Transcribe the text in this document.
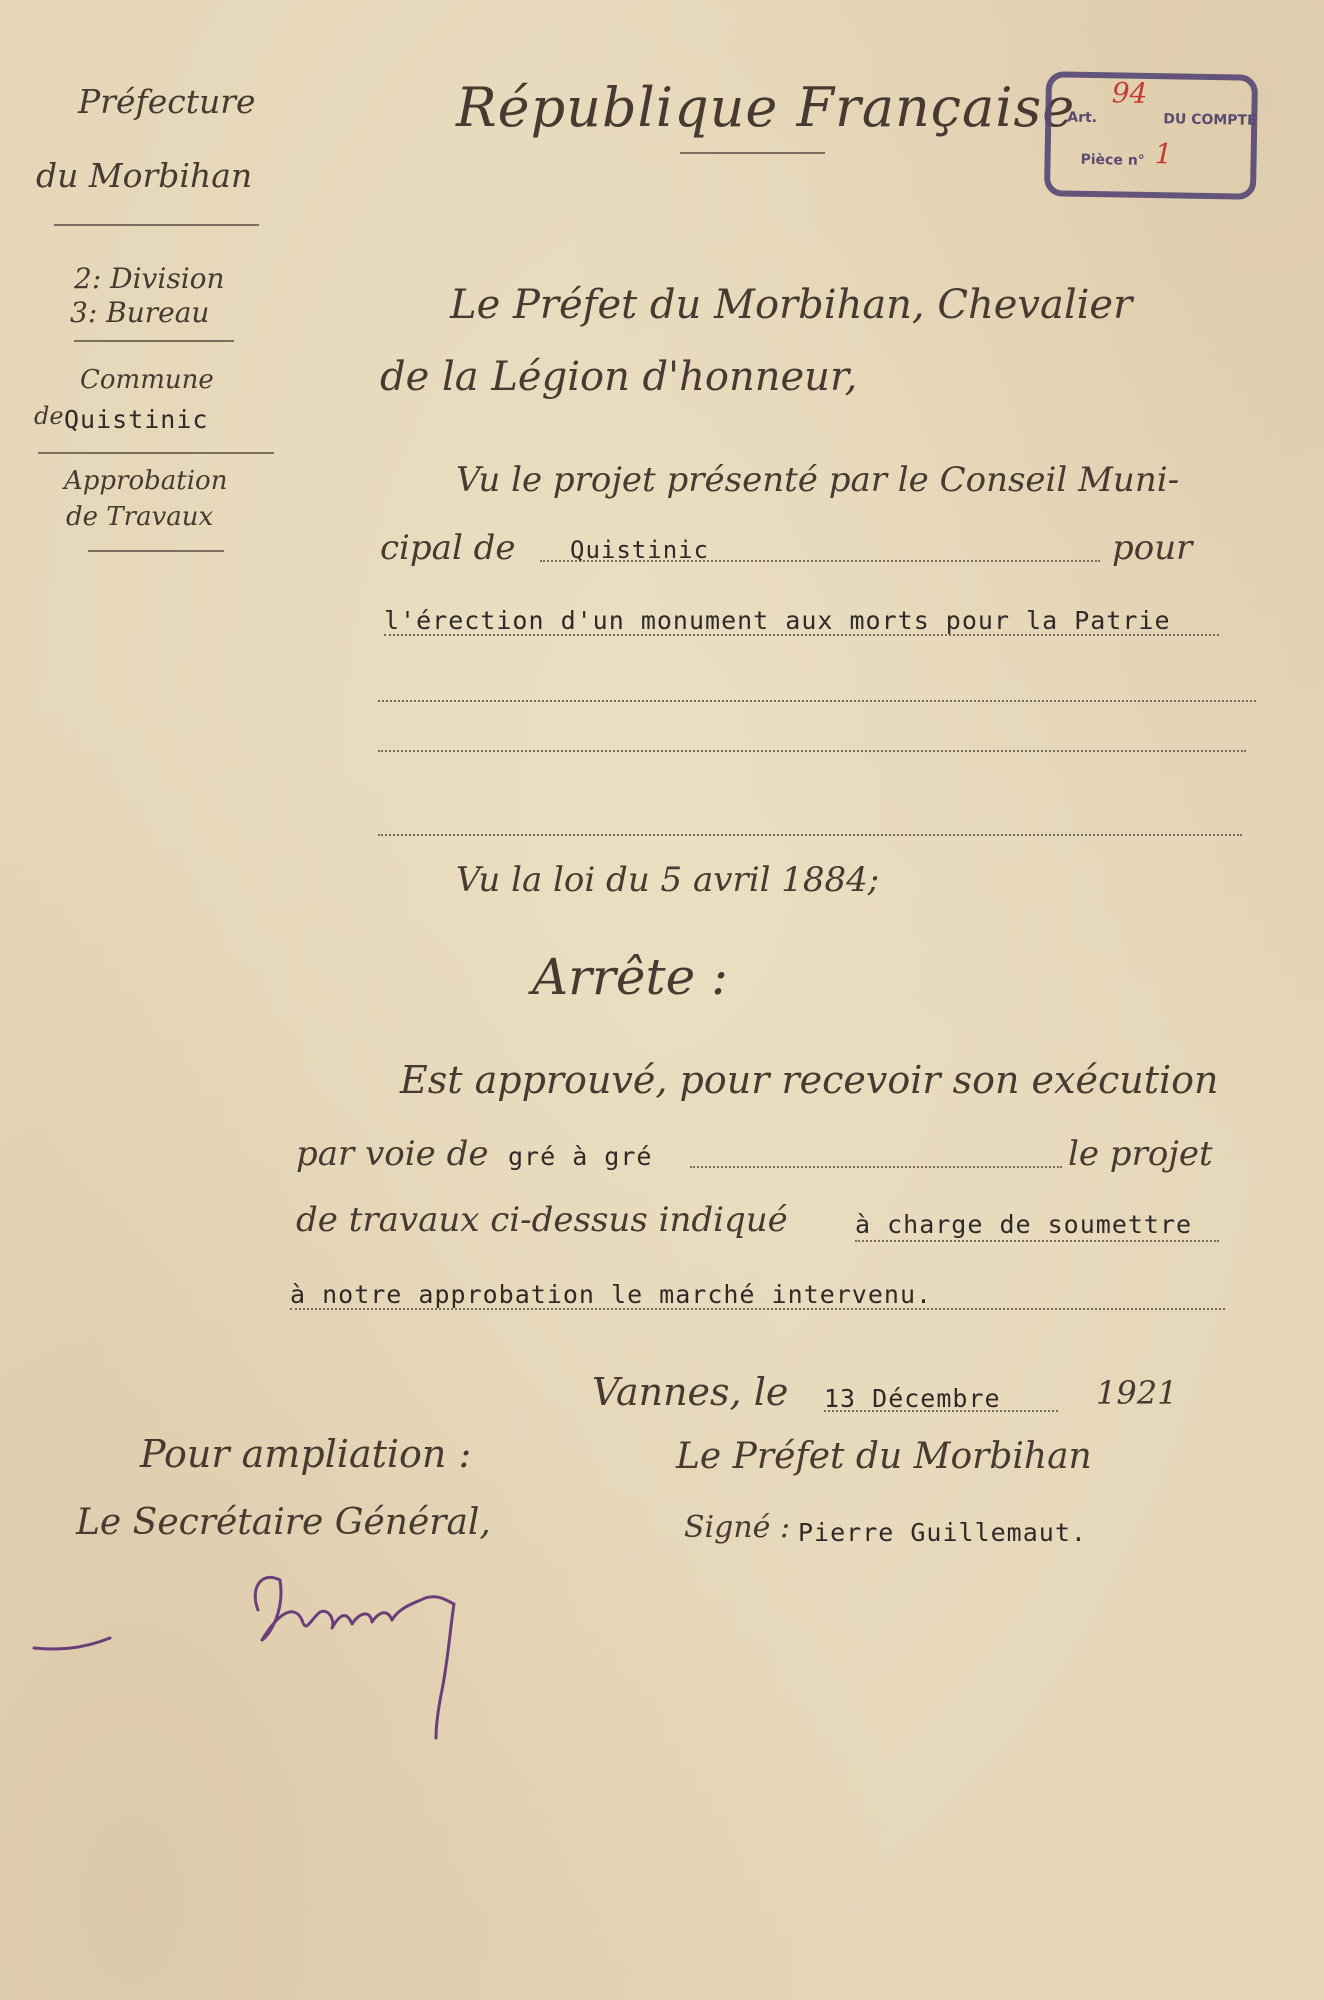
Préfecture
du Morbihan
2: Division
3: Bureau
Commune
de Quistinic
Approbation
de Travaux
République Française
Art.
94
DU COMPTE
Pièce n° 1
Le Préfet du Morbihan, Chevalier
de la Légion d'honneur,
Vu le projet présenté par le Conseil Muni-
cipal de Quistinic	pour
l'érection d'un monument aux morts pour la Patrie
Vu la loi du 5 avril 1884;
Arrête :
Est approuvé, pour recevoir son exécution
par voie de gré à gré	le projet
de travaux ci-dessus indiqué	à charge de soumettre
à notre approbation le marché intervenu.
Vannes, le 13 Décembre	1921
Pour ampliation :	Le Préfet du Morbihan
Le Secrétaire Général,	Signé : Pierre Guillemaut.
